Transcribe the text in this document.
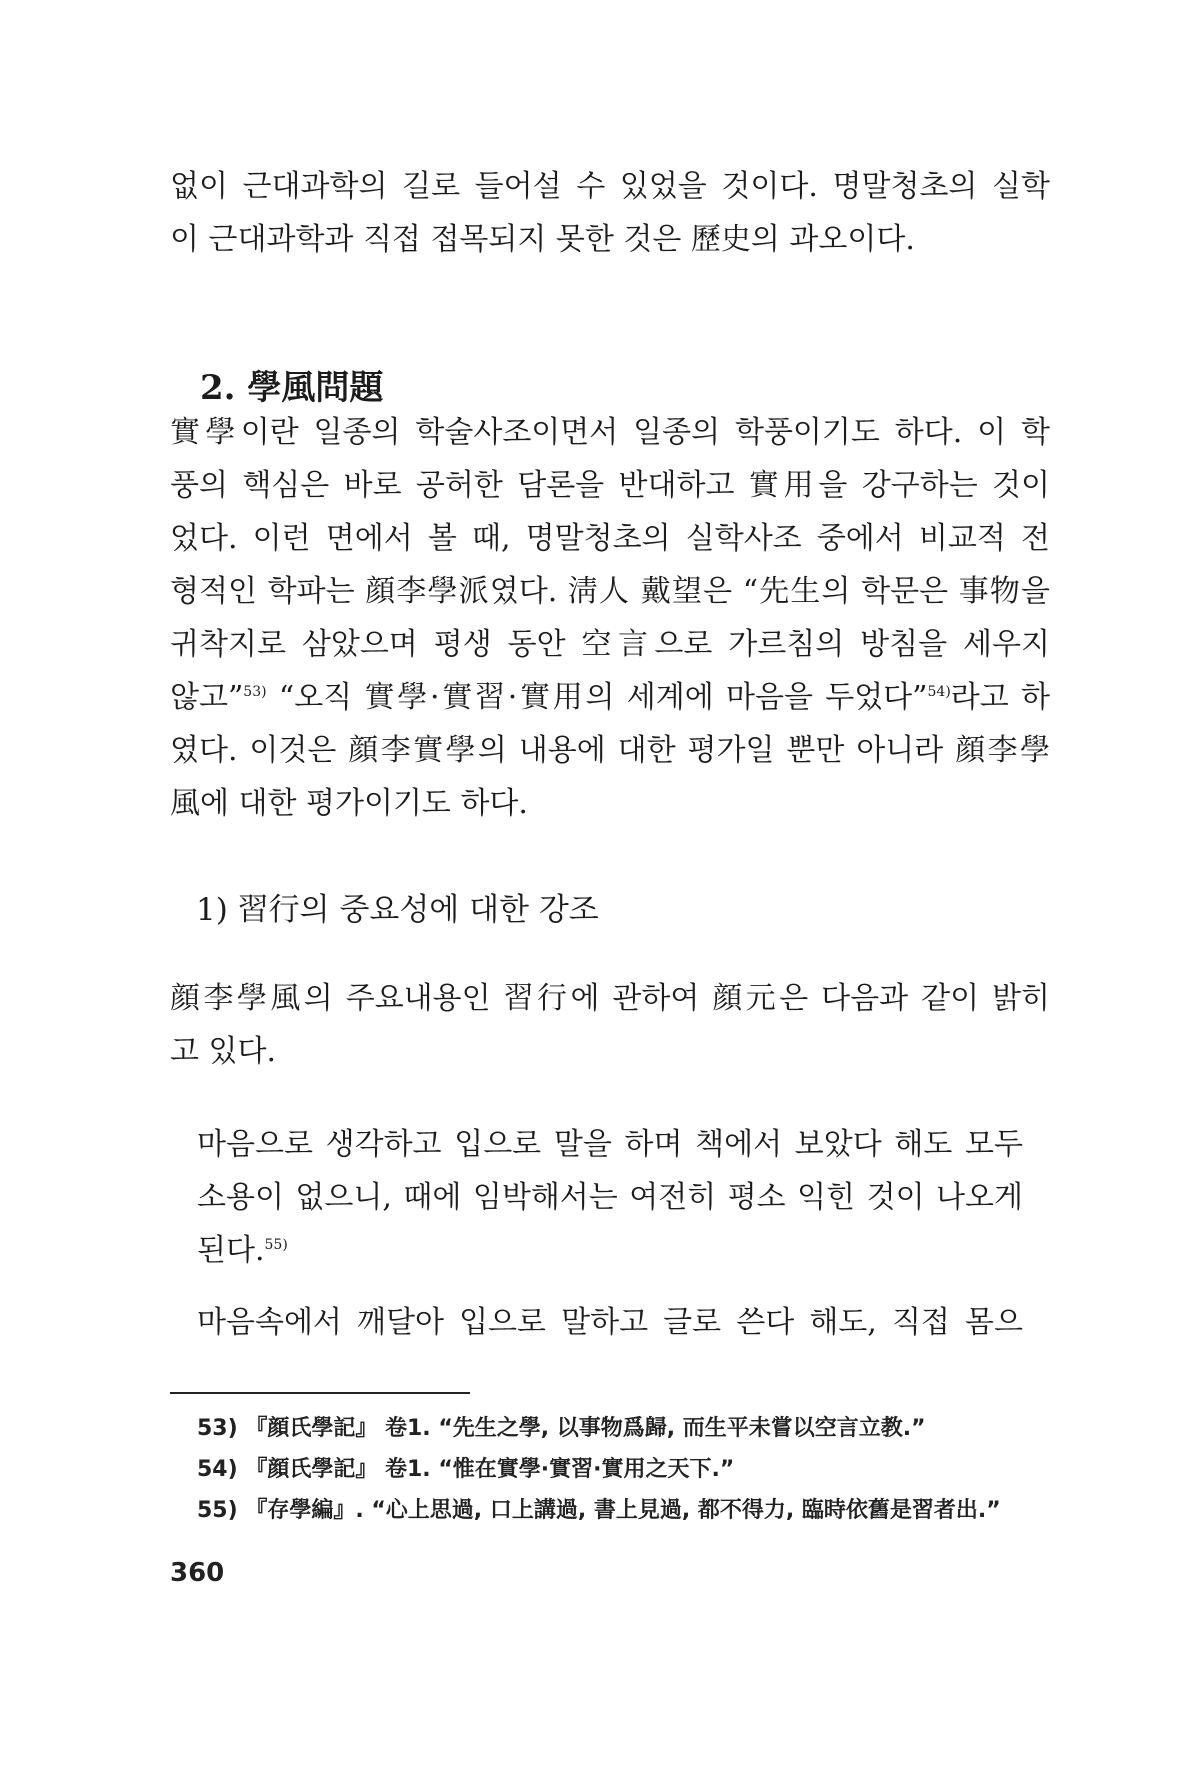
없이 근대과학의 길로 들어설 수 있었을 것이다. 명말청초의 실학
이 근대과학과 직접 접목되지 못한 것은 歷史의 과오이다.
2. 學風問題
實學이란 일종의 학술사조이면서 일종의 학풍이기도 하다. 이 학
풍의 핵심은 바로 공허한 담론을 반대하고 實用을 강구하는 것이
었다. 이런 면에서 볼 때, 명말청초의 실학사조 중에서 비교적 전
형적인 학파는 顔李學派였다. 淸人 戴望은 “先生의 학문은 事物을
귀착지로 삼았으며 평생 동안 空言으로 가르침의 방침을 세우지
않고”$^{53)}$ “오직 實學·實習·實用의 세계에 마음을 두었다”$^{54)}$라고 하
였다. 이것은 顔李實學의 내용에 대한 평가일 뿐만 아니라 顔李學
風에 대한 평가이기도 하다.
1) 習行의 중요성에 대한 강조
顔李學風의 주요내용인 習行에 관하여 顔元은 다음과 같이 밝히
고 있다.
마음으로 생각하고 입으로 말을 하며 책에서 보았다 해도 모두
소용이 없으니, 때에 임박해서는 여전히 평소 익힌 것이 나오게
된다.$^{55)}$
마음속에서 깨달아 입으로 말하고 글로 쓴다 해도, 직접 몸으
53) 『顔氏學記』 卷1. “先生之學, 以事物爲歸, 而生平未嘗以空言立教.”
54) 『顔氏學記』 卷1. “惟在實學·實習·實用之天下.”
55) 『存學編』. “心上思過, 口上講過, 書上見過, 都不得力, 臨時依舊是習者出.”
360
